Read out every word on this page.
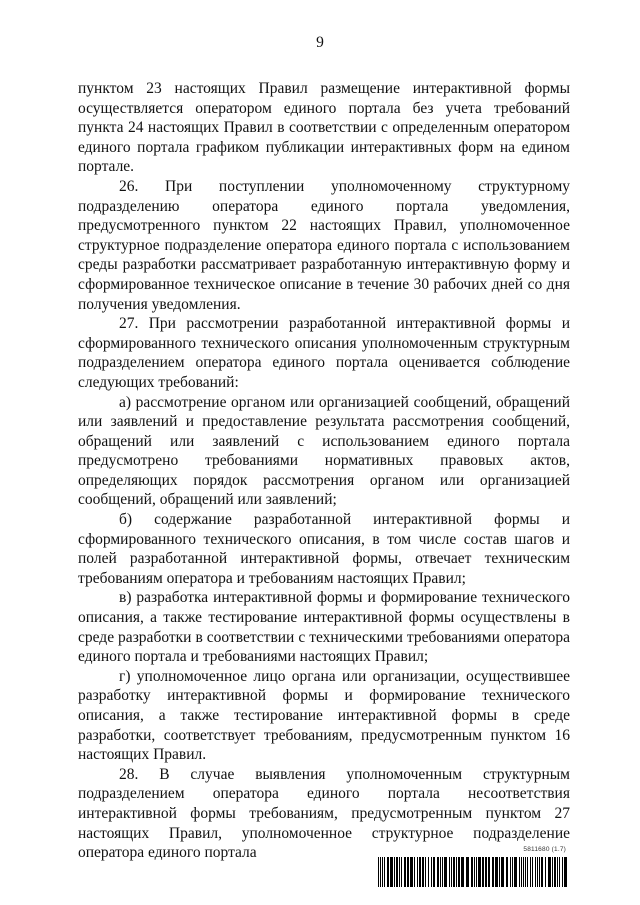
9

пунктом 23 настоящих Правил размещение интерактивной формы осуществляется оператором единого портала без учета требований пункта 24 настоящих Правил в соответствии с определенным оператором единого портала графиком публикации интерактивных форм на едином портале.

26. При поступлении уполномоченному структурному подразделению оператора единого портала уведомления, предусмотренного пунктом 22 настоящих Правил, уполномоченное структурное подразделение оператора единого портала с использованием среды разработки рассматривает разработанную интерактивную форму и сформированное техническое описание в течение 30 рабочих дней со дня получения уведомления.

27. При рассмотрении разработанной интерактивной формы и сформированного технического описания уполномоченным структурным подразделением оператора единого портала оценивается соблюдение следующих требований:

а) рассмотрение органом или организацией сообщений, обращений или заявлений и предоставление результата рассмотрения сообщений, обращений или заявлений с использованием единого портала предусмотрено требованиями нормативных правовых актов, определяющих порядок рассмотрения органом или организацией сообщений, обращений или заявлений;

б) содержание разработанной интерактивной формы и сформированного технического описания, в том числе состав шагов и полей разработанной интерактивной формы, отвечает техническим требованиям оператора и требованиям настоящих Правил;

в) разработка интерактивной формы и формирование технического описания, а также тестирование интерактивной формы осуществлены в среде разработки в соответствии с техническими требованиями оператора единого портала и требованиями настоящих Правил;

г) уполномоченное лицо органа или организации, осуществившее разработку интерактивной формы и формирование технического описания, а также тестирование интерактивной формы в среде разработки, соответствует требованиям, предусмотренным пунктом 16 настоящих Правил.

28. В случае выявления уполномоченным структурным подразделением оператора единого портала несоответствия интерактивной формы требованиям, предусмотренным пунктом 27 настоящих Правил, уполномоченное структурное подразделение оператора единого портала	5811680 (1.7)
